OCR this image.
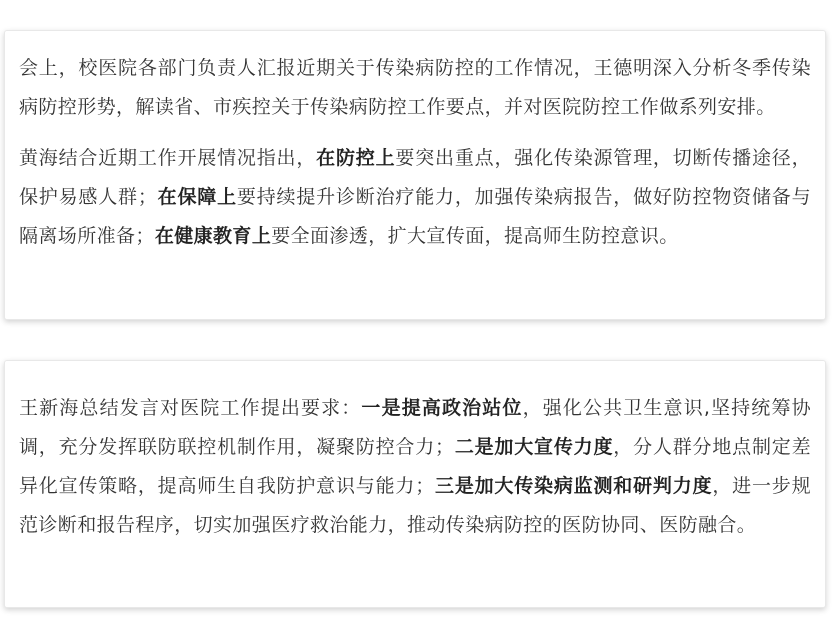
会上，校医院各部门负责人汇报近期关于传染病防控的工作情况，王德明深入分析冬季传染病防控形势，解读省、市疾控关于传染病防控工作要点，并对医院防控工作做系列安排。

黄海结合近期工作开展情况指出，在防控上要突出重点，强化传染源管理，切断传播途径，保护易感人群；在保障上要持续提升诊断治疗能力，加强传染病报告，做好防控物资储备与隔离场所准备；在健康教育上要全面渗透，扩大宣传面，提高师生防控意识。

王新海总结发言对医院工作提出要求：一是提高政治站位，强化公共卫生意识,坚持统筹协调，充分发挥联防联控机制作用，凝聚防控合力；二是加大宣传力度，分人群分地点制定差异化宣传策略，提高师生自我防护意识与能力；三是加大传染病监测和研判力度，进一步规范诊断和报告程序，切实加强医疗救治能力，推动传染病防控的医防协同、医防融合。
